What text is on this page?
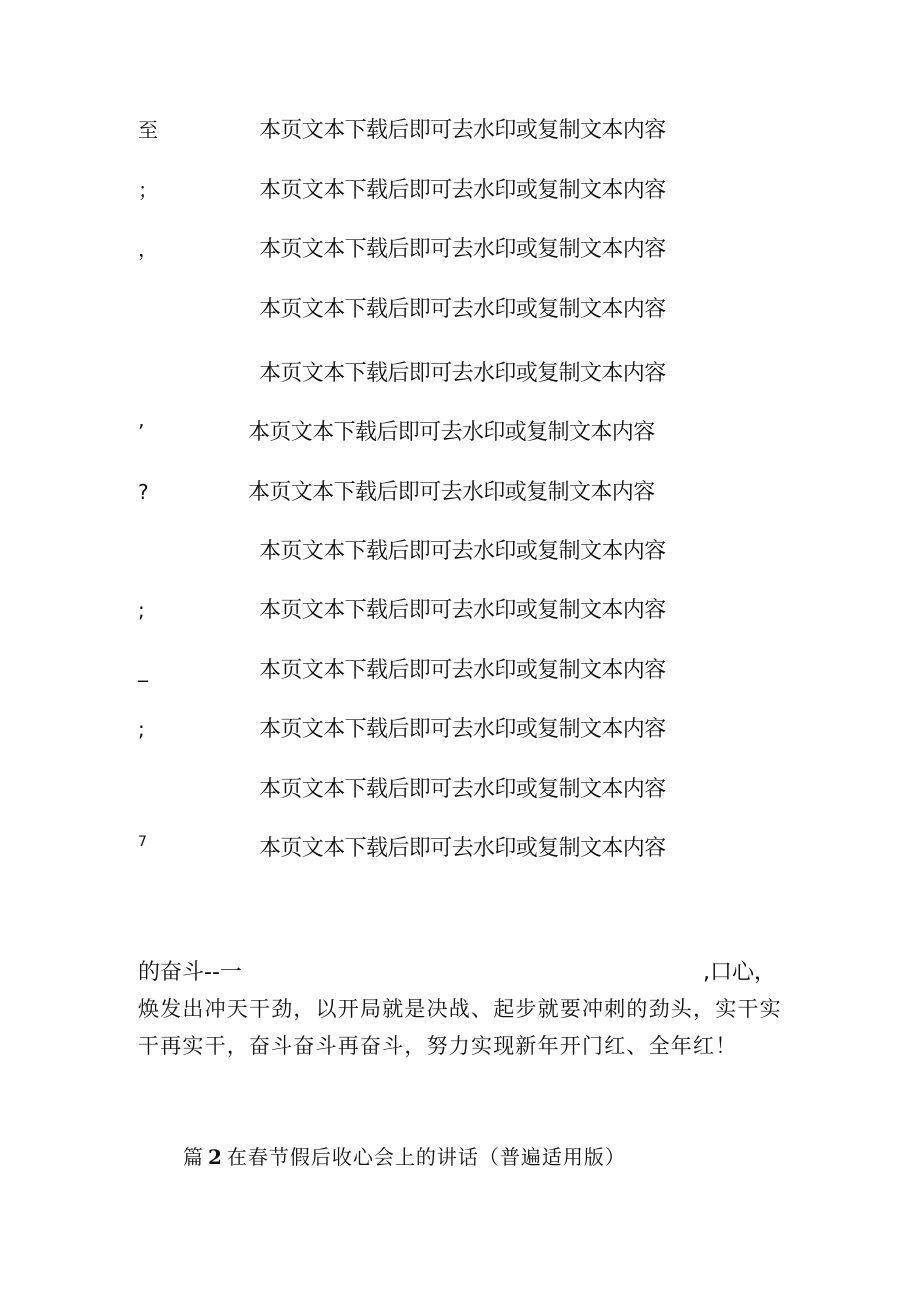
至	本页文本下载后即可去水印或复制文本内容
；	本页文本下载后即可去水印或复制文本内容
，	本页文本下载后即可去水印或复制文本内容
本页文本下载后即可去水印或复制文本内容
本页文本下载后即可去水印或复制文本内容
’	本页文本下载后即可去水印或复制文本内容
?	本页文本下载后即可去水印或复制文本内容
本页文本下载后即可去水印或复制文本内容
;	本页文本下载后即可去水印或复制文本内容
_	本页文本下载后即可去水印或复制文本内容
;	本页文本下载后即可去水印或复制文本内容
本页文本下载后即可去水印或复制文本内容
7	本页文本下载后即可去水印或复制文本内容
的奋斗--一	,口心，
焕发出冲天干劲，以开局就是决战、起步就要冲刺的劲头，实干实
干再实干，奋斗奋斗再奋斗，努力实现新年开门红、全年红！
篇 2 在春节假后收心会上的讲话（普遍适用版）
